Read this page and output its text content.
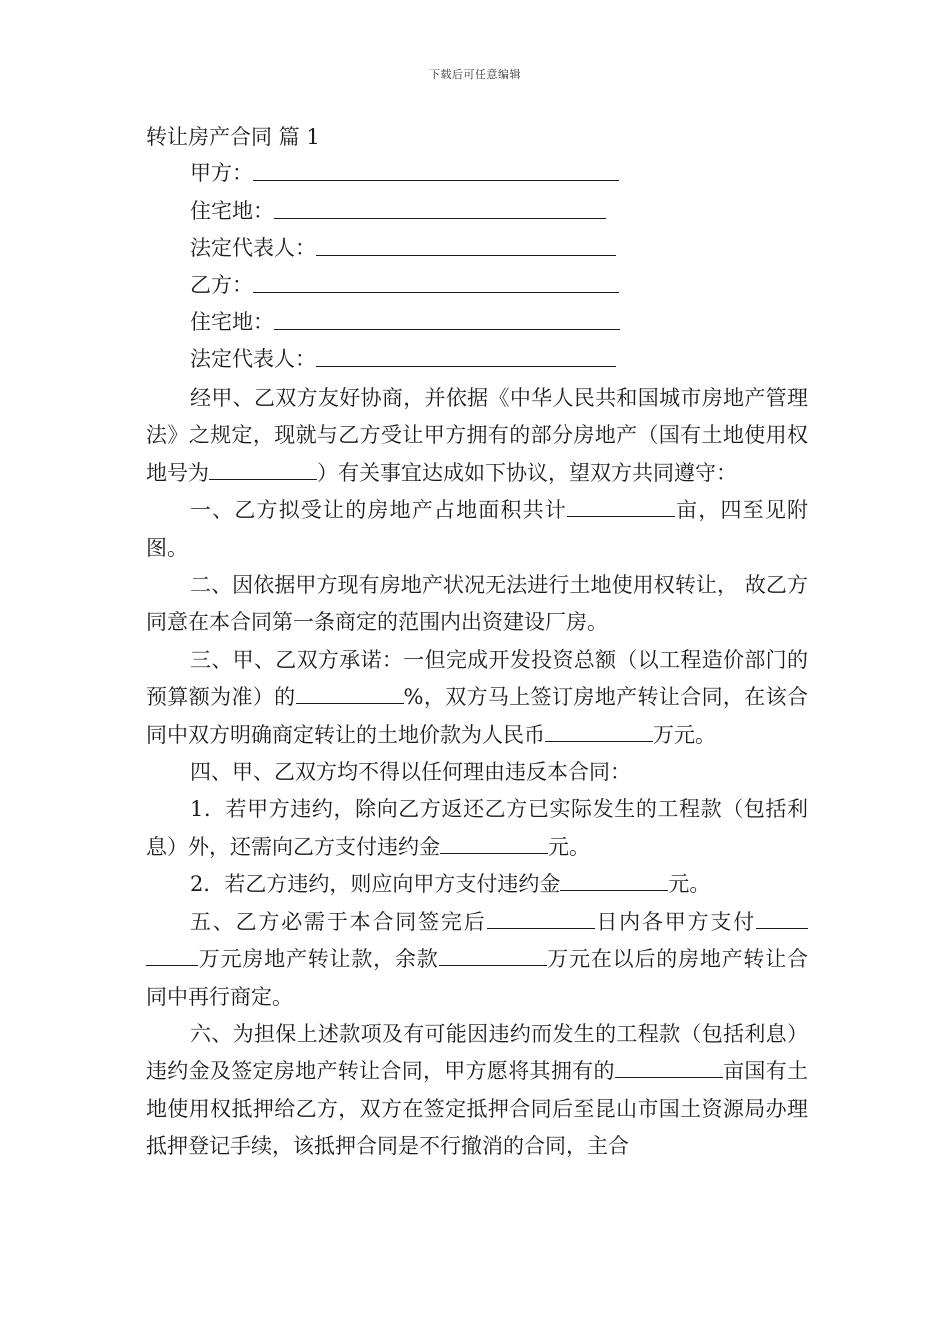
下载后可任意编辑
转让房产合同 篇 1
甲方：
住宅地：
法定代表人：
乙方：
住宅地：
法定代表人：

经甲、乙双方友好协商，并依据《中华人民共和国城市房地产管理法》之规定，现就与乙方受让甲方拥有的部分房地产（国有土地使用权地号为	）有关事宜达成如下协议，望双方共同遵守：

一、乙方拟受让的房地产占地面积共计	亩，四至见附图。

二、因依据甲方现有房地产状况无法进行土地使用权转让， 故乙方同意在本合同第一条商定的范围内出资建设厂房。

三、甲、乙双方承诺：一但完成开发投资总额（以工程造价部门的预算额为准）的	%，双方马上签订房地产转让合同，在该合同中双方明确商定转让的土地价款为人民币	万元。

四、甲、乙双方均不得以任何理由违反本合同：

1．若甲方违约，除向乙方返还乙方已实际发生的工程款（包括利息）外，还需向乙方支付违约金	元。

2．若乙方违约，则应向甲方支付违约金	元。

五、乙方必需于本合同签完后	日内各甲方支付万元房地产转让款，余款	万元在以后的房地产转让合同中再行商定。

六、为担保上述款项及有可能因违约而发生的工程款（包括利息）违约金及签定房地产转让合同，甲方愿将其拥有的	亩国有土地使用权抵押给乙方，双方在签定抵押合同后至昆山市国土资源局办理抵押登记手续，该抵押合同是不行撤消的合同，主合
